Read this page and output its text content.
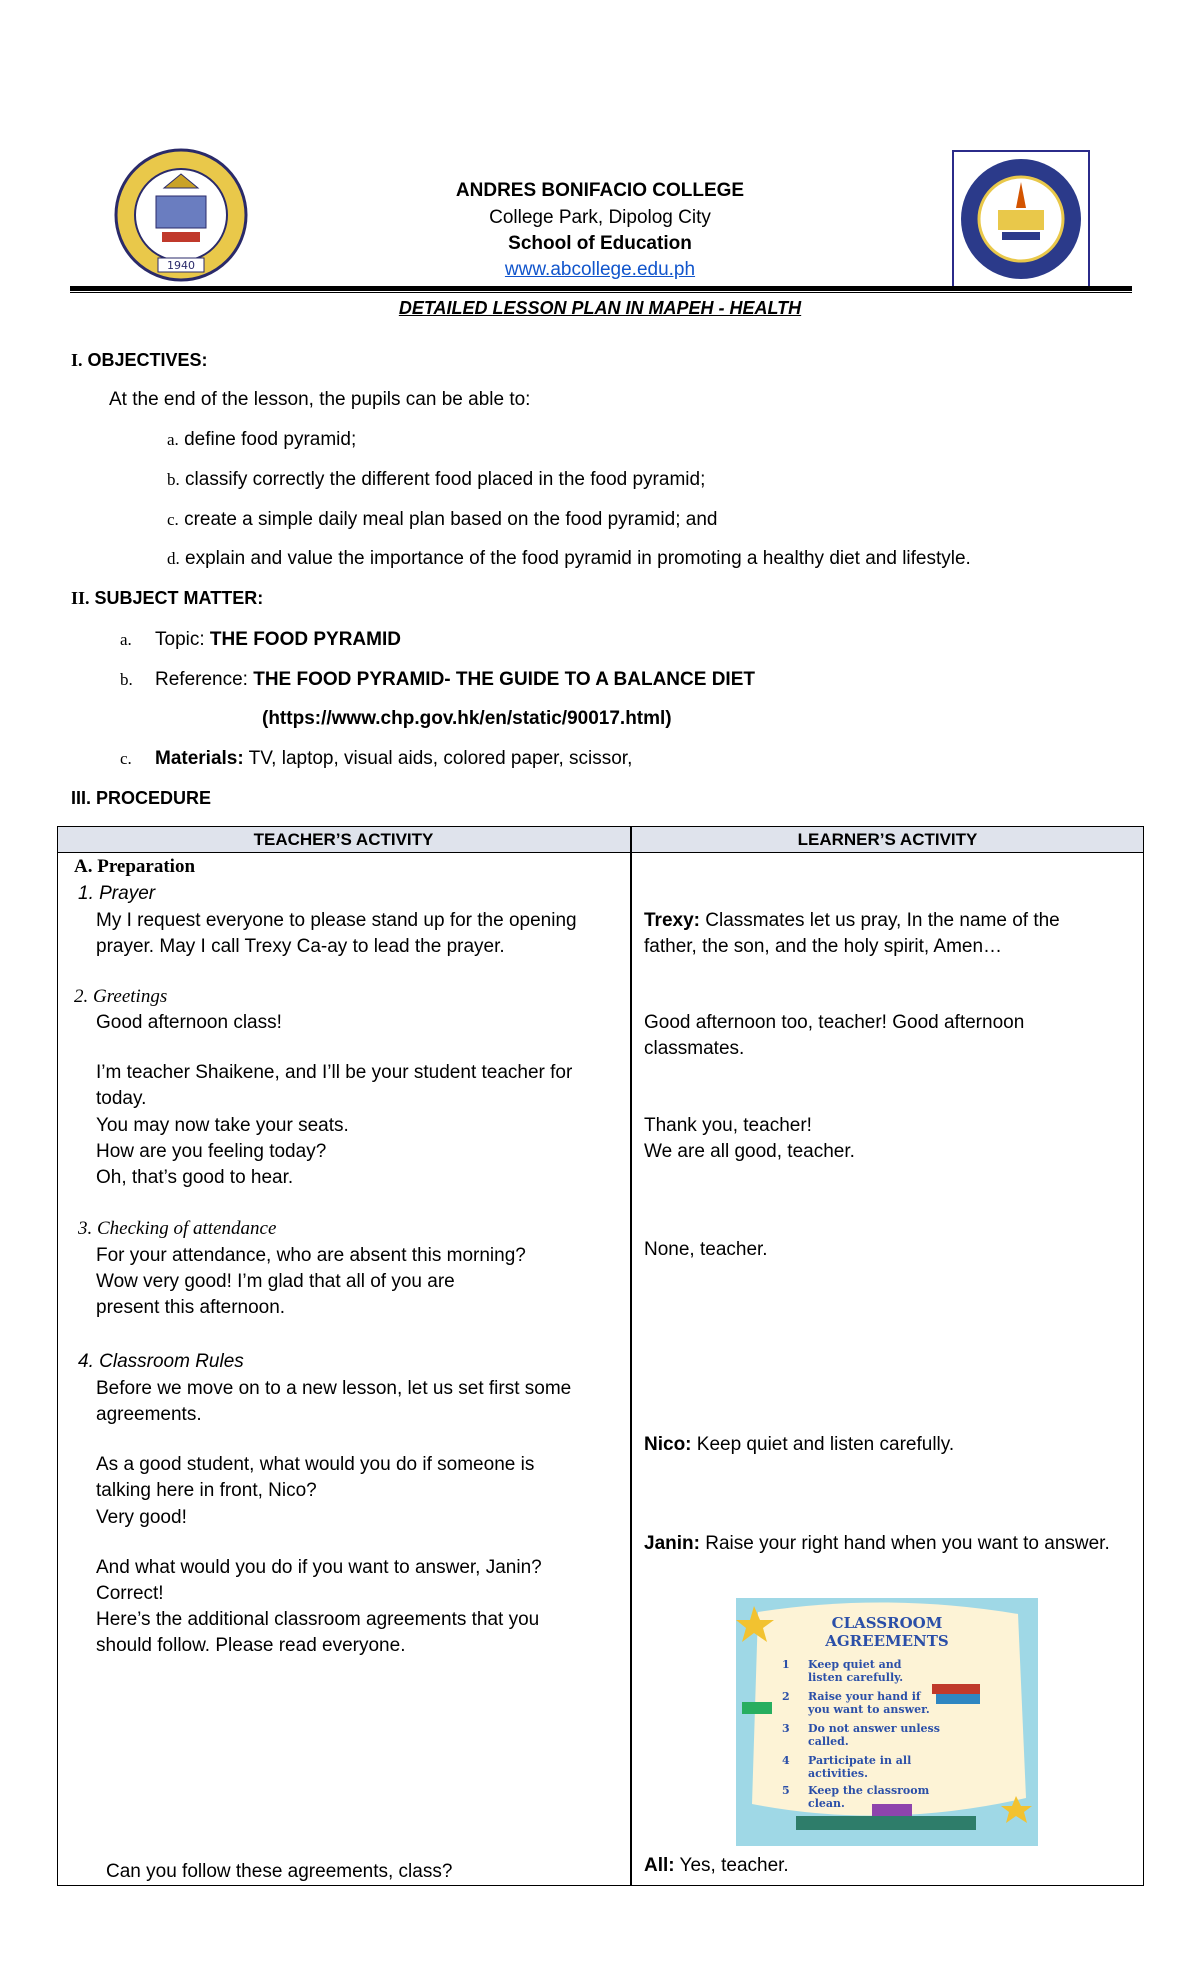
1940
ANDRES BONIFACIO COLLEGE
College Park, Dipolog City
School of Education
www.abcollege.edu.ph
DETAILED LESSON PLAN IN MAPEH - HEALTH
I. OBJECTIVES:
At the end of the lesson, the pupils can be able to:
a. define food pyramid;
b. classify correctly the different food placed in the food pyramid;
c. create a simple daily meal plan based on the food pyramid; and
d. explain and value the importance of the food pyramid in promoting a healthy diet and lifestyle.
II. SUBJECT MATTER:
a. Topic: THE FOOD PYRAMID
b. Reference: THE FOOD PYRAMID- THE GUIDE TO A BALANCE DIET
(https://www.chp.gov.hk/en/static/90017.html)
c. Materials: TV, laptop, visual aids, colored paper, scissor,
III. PROCEDURE
TEACHER’S ACTIVITY	LEARNER’S ACTIVITY
A. Preparation
1. Prayer
My I request everyone to please stand up for the opening
prayer. May I call Trexy Ca-ay to lead the prayer.
2. Greetings
Good afternoon class!
I’m teacher Shaikene, and I’ll be your student teacher for
today.
You may now take your seats.
How are you feeling today?
Oh, that’s good to hear.
3. Checking of attendance
For your attendance, who are absent this morning?
Wow very good! I’m glad that all of you are
present this afternoon.
4. Classroom Rules
Before we move on to a new lesson, let us set first some
agreements.
As a good student, what would you do if someone is
talking here in front, Nico?
Very good!
And what would you do if you want to answer, Janin?
Correct!
Here’s the additional classroom agreements that you
should follow. Please read everyone.
Can you follow these agreements, class?
Trexy: Classmates let us pray, In the name of the
father, the son, and the holy spirit, Amen…
Good afternoon too, teacher! Good afternoon
classmates.
Thank you, teacher!
We are all good, teacher.
None, teacher.
Nico: Keep quiet and listen carefully.
Janin: Raise your right hand when you want to answer.
All: Yes, teacher.
CLASSROOM
AGREEMENTS
1 Keep quiet and
listen carefully.
2 Raise your hand if
you want to answer.
3 Do not answer unless
called.
4 Participate in all
activities.
5 Keep the classroom
clean.
